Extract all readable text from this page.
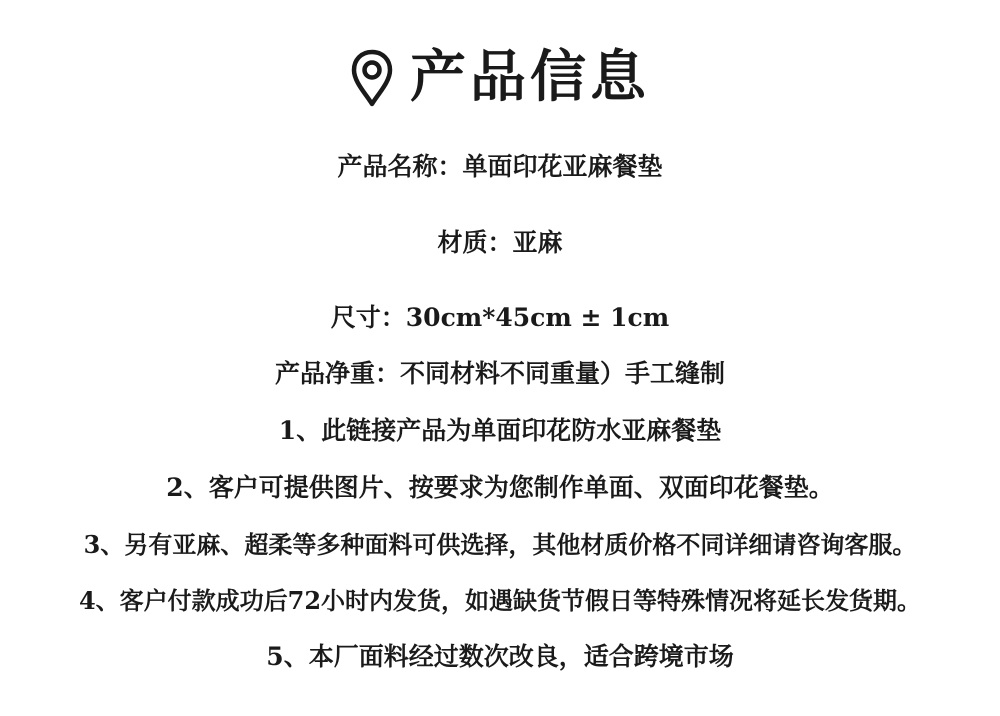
产品信息
产品名称：单面印花亚麻餐垫
材质：亚麻
尺寸：30cm*45cm ± 1cm
产品净重：不同材料不同重量）手工缝制
1、此链接产品为单面印花防水亚麻餐垫
2、客户可提供图片、按要求为您制作单面、双面印花餐垫。
3、另有亚麻、超柔等多种面料可供选择，其他材质价格不同详细请咨询客服。
4、客户付款成功后72小时内发货，如遇缺货节假日等特殊情况将延长发货期。
5、本厂面料经过数次改良，适合跨境市场
